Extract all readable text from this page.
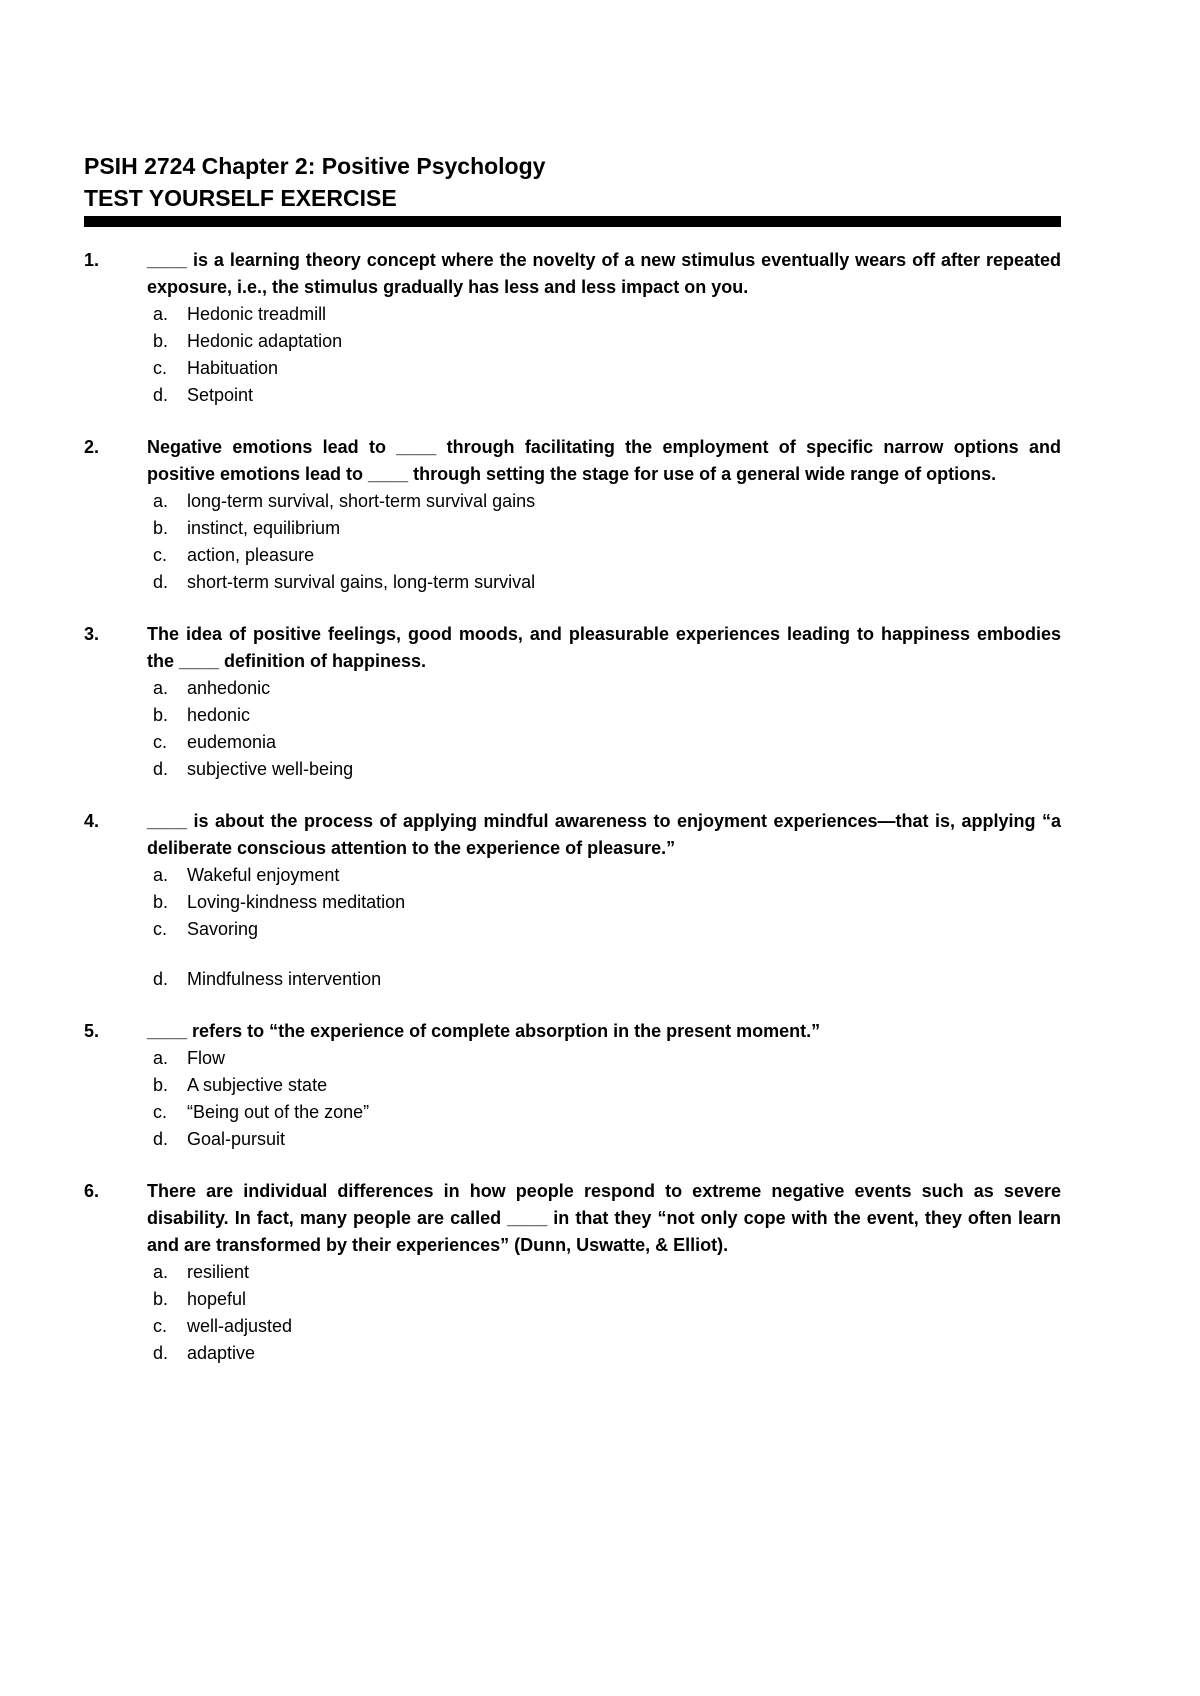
PSIH 2724 Chapter 2: Positive Psychology
TEST YOURSELF EXERCISE
1.	____ is a learning theory concept where the novelty of a new stimulus eventually wears off after repeated exposure, i.e., the stimulus gradually has less and less impact on you.
a. Hedonic treadmill
b. Hedonic adaptation
c. Habituation
d. Setpoint
2.	Negative emotions lead to ____ through facilitating the employment of specific narrow options and positive emotions lead to ____ through setting the stage for use of a general wide range of options.
a. long-term survival, short-term survival gains
b. instinct, equilibrium
c. action, pleasure
d. short-term survival gains, long-term survival
3.	The idea of positive feelings, good moods, and pleasurable experiences leading to happiness embodies the ____ definition of happiness.
a. anhedonic
b. hedonic
c. eudemonia
d. subjective well-being
4.	____ is about the process of applying mindful awareness to enjoyment experiences—that is, applying “a deliberate conscious attention to the experience of pleasure.”
a. Wakeful enjoyment
b. Loving-kindness meditation
c. Savoring
d. Mindfulness intervention
5.	____ refers to “the experience of complete absorption in the present moment.”
a. Flow
b. A subjective state
c. “Being out of the zone”
d. Goal-pursuit
6.	There are individual differences in how people respond to extreme negative events such as severe disability. In fact, many people are called ____ in that they “not only cope with the event, they often learn and are transformed by their experiences” (Dunn, Uswatte, & Elliot).
a. resilient
b. hopeful
c. well-adjusted
d. adaptive
